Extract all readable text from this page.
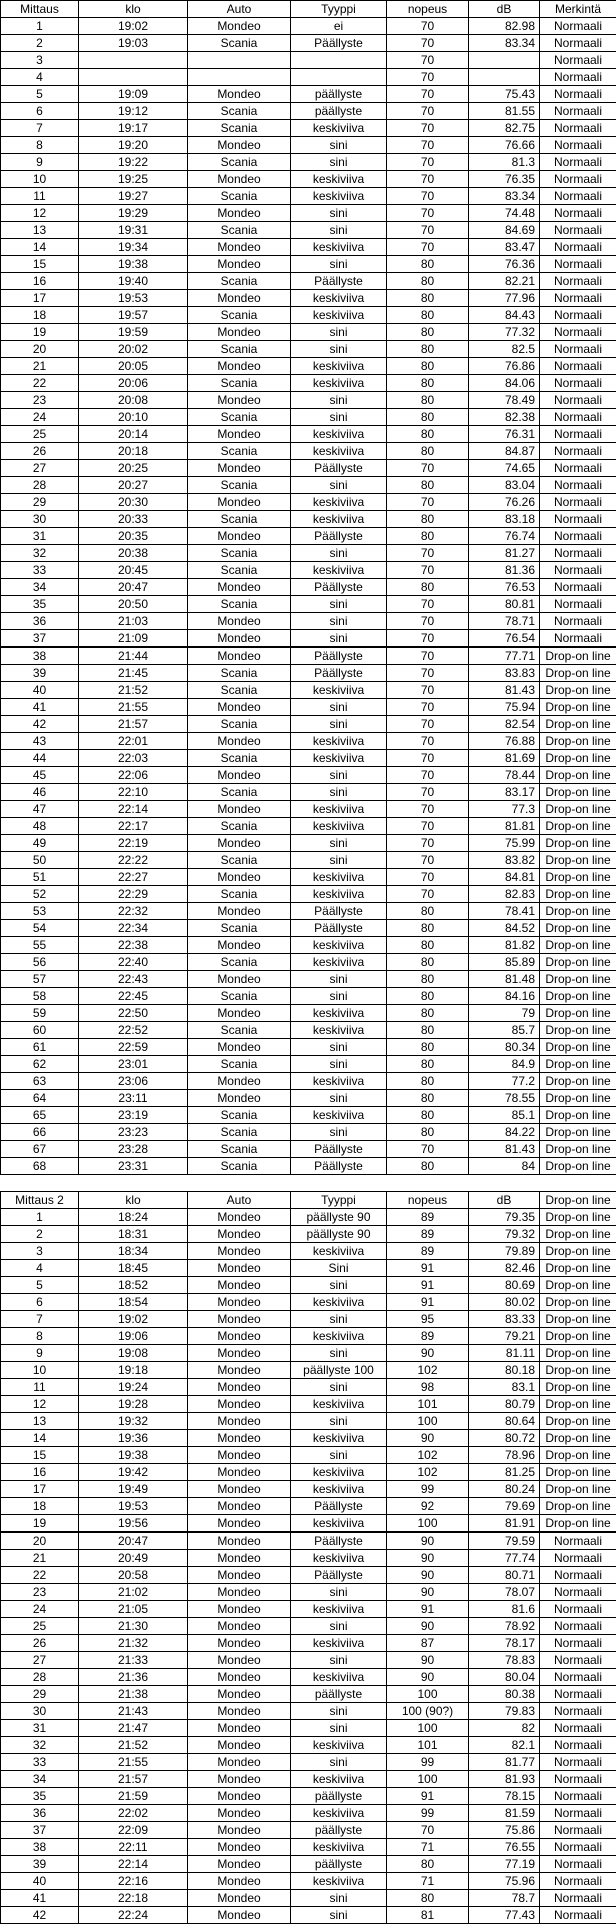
Mittaus	klo	Auto	Tyyppi	nopeus	dB	Merkintä
1	19:02	Mondeo	ei	70	82.98	Normaali
2	19:03	Scania	Päällyste	70	83.34	Normaali
3				70		Normaali
4				70		Normaali
5	19:09	Mondeo	päällyste	70	75.43	Normaali
6	19:12	Scania	päällyste	70	81.55	Normaali
7	19:17	Scania	keskiviiva	70	82.75	Normaali
8	19:20	Mondeo	sini	70	76.66	Normaali
9	19:22	Scania	sini	70	81.3	Normaali
10	19:25	Mondeo	keskiviiva	70	76.35	Normaali
11	19:27	Scania	keskiviiva	70	83.34	Normaali
12	19:29	Mondeo	sini	70	74.48	Normaali
13	19:31	Scania	sini	70	84.69	Normaali
14	19:34	Mondeo	keskiviiva	70	83.47	Normaali
15	19:38	Mondeo	sini	80	76.36	Normaali
16	19:40	Scania	Päällyste	80	82.21	Normaali
17	19:53	Mondeo	keskiviiva	80	77.96	Normaali
18	19:57	Scania	keskiviiva	80	84.43	Normaali
19	19:59	Mondeo	sini	80	77.32	Normaali
20	20:02	Scania	sini	80	82.5	Normaali
21	20:05	Mondeo	keskiviiva	80	76.86	Normaali
22	20:06	Scania	keskiviiva	80	84.06	Normaali
23	20:08	Mondeo	sini	80	78.49	Normaali
24	20:10	Scania	sini	80	82.38	Normaali
25	20:14	Mondeo	keskiviiva	80	76.31	Normaali
26	20:18	Scania	keskiviiva	80	84.87	Normaali
27	20:25	Mondeo	Päällyste	70	74.65	Normaali
28	20:27	Scania	sini	80	83.04	Normaali
29	20:30	Mondeo	keskiviiva	70	76.26	Normaali
30	20:33	Scania	keskiviiva	80	83.18	Normaali
31	20:35	Mondeo	Päällyste	80	76.74	Normaali
32	20:38	Scania	sini	70	81.27	Normaali
33	20:45	Scania	keskiviiva	70	81.36	Normaali
34	20:47	Mondeo	Päällyste	80	76.53	Normaali
35	20:50	Scania	sini	70	80.81	Normaali
36	21:03	Mondeo	sini	70	78.71	Normaali
37	21:09	Mondeo	sini	70	76.54	Normaali
38	21:44	Mondeo	Päällyste	70	77.71	Drop-on line
39	21:45	Scania	Päällyste	70	83.83	Drop-on line
40	21:52	Scania	keskiviiva	70	81.43	Drop-on line
41	21:55	Mondeo	sini	70	75.94	Drop-on line
42	21:57	Scania	sini	70	82.54	Drop-on line
43	22:01	Mondeo	keskiviiva	70	76.88	Drop-on line
44	22:03	Scania	keskiviiva	70	81.69	Drop-on line
45	22:06	Mondeo	sini	70	78.44	Drop-on line
46	22:10	Scania	sini	70	83.17	Drop-on line
47	22:14	Mondeo	keskiviiva	70	77.3	Drop-on line
48	22:17	Scania	keskiviiva	70	81.81	Drop-on line
49	22:19	Mondeo	sini	70	75.99	Drop-on line
50	22:22	Scania	sini	70	83.82	Drop-on line
51	22:27	Mondeo	keskiviiva	70	84.81	Drop-on line
52	22:29	Scania	keskiviiva	70	82.83	Drop-on line
53	22:32	Mondeo	Päällyste	80	78.41	Drop-on line
54	22:34	Scania	Päällyste	80	84.52	Drop-on line
55	22:38	Mondeo	keskiviiva	80	81.82	Drop-on line
56	22:40	Scania	keskiviiva	80	85.89	Drop-on line
57	22:43	Mondeo	sini	80	81.48	Drop-on line
58	22:45	Scania	sini	80	84.16	Drop-on line
59	22:50	Mondeo	keskiviiva	80	79	Drop-on line
60	22:52	Scania	keskiviiva	80	85.7	Drop-on line
61	22:59	Mondeo	sini	80	80.34	Drop-on line
62	23:01	Scania	sini	80	84.9	Drop-on line
63	23:06	Mondeo	keskiviiva	80	77.2	Drop-on line
64	23:11	Mondeo	sini	80	78.55	Drop-on line
65	23:19	Scania	keskiviiva	80	85.1	Drop-on line
66	23:23	Scania	sini	80	84.22	Drop-on line
67	23:28	Scania	Päällyste	70	81.43	Drop-on line
68	23:31	Scania	Päällyste	80	84	Drop-on line

Mittaus 2	klo	Auto	Tyyppi	nopeus	dB	Drop-on line
1	18:24	Mondeo	päällyste 90	89	79.35	Drop-on line
2	18:31	Mondeo	päällyste 90	89	79.32	Drop-on line
3	18:34	Mondeo	keskiviiva	89	79.89	Drop-on line
4	18:45	Mondeo	Sini	91	82.46	Drop-on line
5	18:52	Mondeo	sini	91	80.69	Drop-on line
6	18:54	Mondeo	keskiviiva	91	80.02	Drop-on line
7	19:02	Mondeo	sini	95	83.33	Drop-on line
8	19:06	Mondeo	keskiviiva	89	79.21	Drop-on line
9	19:08	Mondeo	sini	90	81.11	Drop-on line
10	19:18	Mondeo	päällyste 100	102	80.18	Drop-on line
11	19:24	Mondeo	sini	98	83.1	Drop-on line
12	19:28	Mondeo	keskiviiva	101	80.79	Drop-on line
13	19:32	Mondeo	sini	100	80.64	Drop-on line
14	19:36	Mondeo	keskiviiva	90	80.72	Drop-on line
15	19:38	Mondeo	sini	102	78.96	Drop-on line
16	19:42	Mondeo	keskiviiva	102	81.25	Drop-on line
17	19:49	Mondeo	keskiviiva	99	80.24	Drop-on line
18	19:53	Mondeo	Päällyste	92	79.69	Drop-on line
19	19:56	Mondeo	keskiviiva	100	81.91	Drop-on line
20	20:47	Mondeo	Päällyste	90	79.59	Normaali
21	20:49	Mondeo	keskiviiva	90	77.74	Normaali
22	20:58	Mondeo	Päällyste	90	80.71	Normaali
23	21:02	Mondeo	sini	90	78.07	Normaali
24	21:05	Mondeo	keskiviiva	91	81.6	Normaali
25	21:30	Mondeo	sini	90	78.92	Normaali
26	21:32	Mondeo	keskiviiva	87	78.17	Normaali
27	21:33	Mondeo	sini	90	78.83	Normaali
28	21:36	Mondeo	keskiviiva	90	80.04	Normaali
29	21:38	Mondeo	päällyste	100	80.38	Normaali
30	21:43	Mondeo	sini	100 (90?)	79.83	Normaali
31	21:47	Mondeo	sini	100	82	Normaali
32	21:52	Mondeo	keskiviiva	101	82.1	Normaali
33	21:55	Mondeo	sini	99	81.77	Normaali
34	21:57	Mondeo	keskiviiva	100	81.93	Normaali
35	21:59	Mondeo	päällyste	91	78.15	Normaali
36	22:02	Mondeo	keskiviiva	99	81.59	Normaali
37	22:09	Mondeo	päällyste	70	75.86	Normaali
38	22:11	Mondeo	keskiviiva	71	76.55	Normaali
39	22:14	Mondeo	päällyste	80	77.19	Normaali
40	22:16	Mondeo	keskiviiva	71	75.96	Normaali
41	22:18	Mondeo	sini	80	78.7	Normaali
42	22:24	Mondeo	sini	81	77.43	Normaali
